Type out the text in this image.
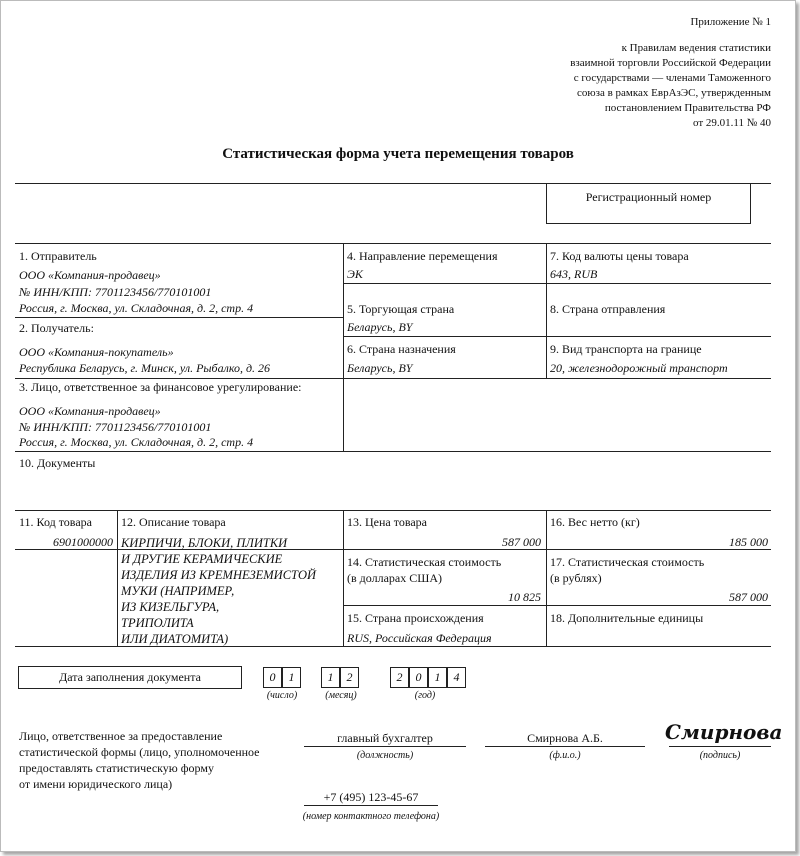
Приложение № 1
к Правилам ведения статистики
взаимной торговли Российской Федерации
с государствами — членами Таможенного
союза в рамках ЕврАзЭС, утвержденным
постановлением Правительства РФ
от 29.01.11 № 40
Статистическая форма учета перемещения товаров
Регистрационный номер
1. Отправитель
ООО «Компания-продавец»
№ ИНН/КПП: 7701123456/770101001
Россия, г. Москва, ул. Складочная, д. 2, стр. 4
2. Получатель:
ООО «Компания-покупатель»
Республика Беларусь, г. Минск, ул. Рыбалко, д. 26
3. Лицо, ответственное за финансовое урегулирование:
ООО «Компания-продавец»
№ ИНН/КПП: 7701123456/770101001
Россия, г. Москва, ул. Складочная, д. 2, стр. 4
4. Направление перемещения
ЭК
5. Торгующая страна
Беларусь, BY
6. Страна назначения
Беларусь, BY
7. Код валюты цены товара
643, RUB
8. Страна отправления
9. Вид транспорта на границе
20, железнодорожный транспорт
10. Документы
11. Код товара
6901000000
12. Описание товара
КИРПИЧИ, БЛОКИ, ПЛИТКИ
И ДРУГИЕ КЕРАМИЧЕСКИЕ
ИЗДЕЛИЯ ИЗ КРЕМНЕЗЕМИСТОЙ
МУКИ (НАПРИМЕР,
ИЗ КИЗЕЛЬГУРА,
ТРИПОЛИТА
ИЛИ ДИАТОМИТА)
13. Цена товара
587 000
14. Статистическая стоимость
(в долларах США)
10 825
15. Страна происхождения
RUS, Российская Федерация
16. Вес нетто (кг)
185 000
17. Статистическая стоимость
(в рублях)
587 000
18. Дополнительные единицы
Дата заполнения документа	0	1	1	2	2	0	1	4
(число)	(месяц)	(год)
Лицо, ответственное за предоставление
статистической формы (лицо, уполномоченное
предоставлять статистическую форму
от имени юридического лица)
главный бухгалтер
(должность)
Смирнова А.Б.
(ф.и.о.)
Смирнова
(подпись)
+7 (495) 123-45-67
(номер контактного телефона)
